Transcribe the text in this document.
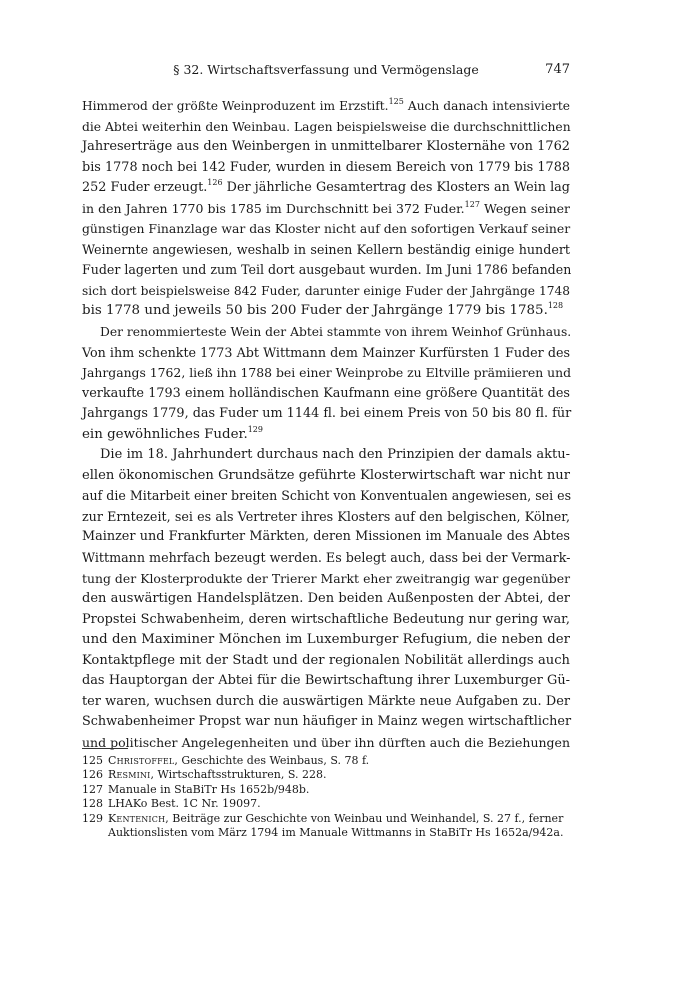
§ 32. Wirtschaftsverfassung und Vermögenslage	747
Himmerod der größte Weinproduzent im Erzstift.$^{125}$ Auch danach intensivierte
die Abtei weiterhin den Weinbau. Lagen beispielsweise die durchschnittlichen
Jahreserträge aus den Weinbergen in unmittelbarer Klosternähe von 1762
bis 1778 noch bei 142 Fuder, wurden in diesem Bereich von 1779 bis 1788
252 Fuder erzeugt.$^{126}$ Der jährliche Gesamtertrag des Klosters an Wein lag
in den Jahren 1770 bis 1785 im Durchschnitt bei 372 Fuder.$^{127}$ Wegen seiner
günstigen Finanzlage war das Kloster nicht auf den sofortigen Verkauf seiner
Weinernte angewiesen, weshalb in seinen Kellern beständig einige hundert
Fuder lagerten und zum Teil dort ausgebaut wurden. Im Juni 1786 befanden
sich dort beispielsweise 842 Fuder, darunter einige Fuder der Jahrgänge 1748
bis 1778 und jeweils 50 bis 200 Fuder der Jahrgänge 1779 bis 1785.$^{128}$
Der renommierteste Wein der Abtei stammte von ihrem Weinhof Grünhaus.
Von ihm schenkte 1773 Abt Wittmann dem Mainzer Kurfürsten 1 Fuder des
Jahrgangs 1762, ließ ihn 1788 bei einer Weinprobe zu Eltville prämiieren und
verkaufte 1793 einem holländischen Kaufmann eine größere Quantität des
Jahrgangs 1779, das Fuder um 1144 fl. bei einem Preis von 50 bis 80 fl. für
ein gewöhnliches Fuder.$^{129}$
Die im 18. Jahrhundert durchaus nach den Prinzipien der damals aktu-
ellen ökonomischen Grundsätze geführte Klosterwirtschaft war nicht nur
auf die Mitarbeit einer breiten Schicht von Konventualen angewiesen, sei es
zur Erntezeit, sei es als Vertreter ihres Klosters auf den belgischen, Kölner,
Mainzer und Frankfurter Märkten, deren Missionen im Manuale des Abtes
Wittmann mehrfach bezeugt werden. Es belegt auch, dass bei der Vermark-
tung der Klosterprodukte der Trierer Markt eher zweitrangig war gegenüber
den auswärtigen Handelsplätzen. Den beiden Außenposten der Abtei, der
Propstei Schwabenheim, deren wirtschaftliche Bedeutung nur gering war,
und den Maximiner Mönchen im Luxemburger Refugium, die neben der
Kontaktpflege mit der Stadt und der regionalen Nobilität allerdings auch
das Hauptorgan der Abtei für die Bewirtschaftung ihrer Luxemburger Gü-
ter waren, wuchsen durch die auswärtigen Märkte neue Aufgaben zu. Der
Schwabenheimer Propst war nun häufiger in Mainz wegen wirtschaftlicher
und politischer Angelegenheiten und über ihn dürften auch die Beziehungen
125 Christoffel, Geschichte des Weinbaus, S. 78 f.
126 Resmini, Wirtschaftsstrukturen, S. 228.
127 Manuale in StaBiTr Hs 1652b/948b.
128 LHAKo Best. 1C Nr. 19097.
129 Kentenich, Beiträge zur Geschichte von Weinbau und Weinhandel, S. 27 f., ferner
Auktionslisten vom März 1794 im Manuale Wittmanns in StaBiTr Hs 1652a/942a.
